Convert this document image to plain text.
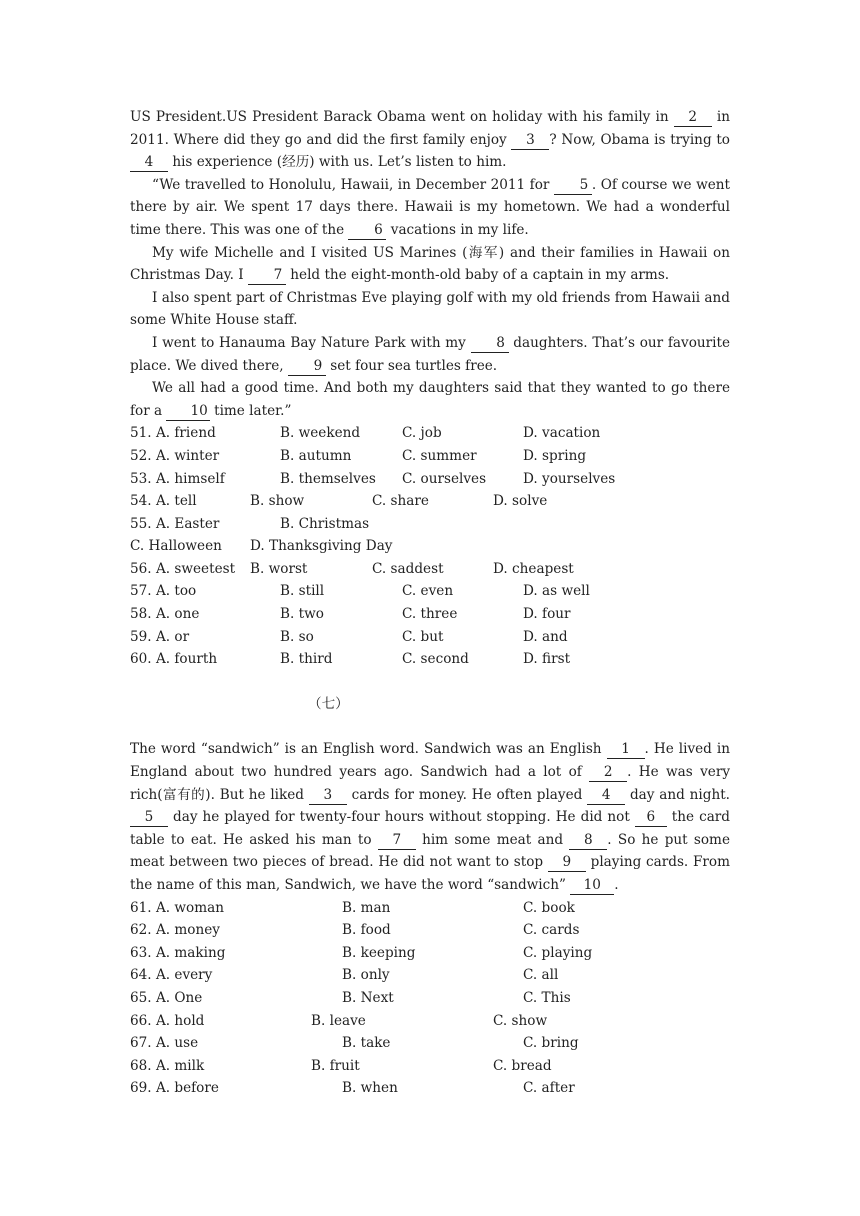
US President.US President Barack Obama went on holiday with his family in 2 in 2011. Where did they go and did the first family enjoy 3 ? Now, Obama is trying to 4 his experience (经历) with us. Let’s listen to him.

“We travelled to Honolulu, Hawaii, in December 2011 for 5 . Of course we went there by air. We spent 17 days there. Hawaii is my hometown. We had a wonderful time there. This was one of the 6 vacations in my life.

My wife Michelle and I visited US Marines (海军) and their families in Hawaii on Christmas Day. I 7 held the eight-month-old baby of a captain in my arms.

I also spent part of Christmas Eve playing golf with my old friends from Hawaii and some White House staff.

I went to Hanauma Bay Nature Park with my 8 daughters. That’s our favourite place. We dived there, 9 set four sea turtles free.

We all had a good time. And both my daughters said that they wanted to go there for a 10 time later.”

51. A. friend	B. weekend	C. job	D. vacation
52. A. winter	B. autumn	C. summer	D. spring
53. A. himself	B. themselves C. ourselves	D. yourselves
54. A. tell	B. show	C. share	D. solve
55. A. Easter	B. Christmas
C. Halloween D. Thanksgiving Day
56. A. sweetest B. worst	C. saddest	D. cheapest
57. A. too	B. still	C. even	D. as well
58. A. one	B. two	C. three	D. four
59. A. or	B. so	C. but	D. and
60. A. fourth	B. third	C. second	D. first
（七）

The word “sandwich” is an English word. Sandwich was an English 1 . He lived in England about two hundred years ago. Sandwich had a lot of 2 . He was very rich(富有的). But he liked 3 cards for money. He often played 4 day and night. 5 day he played for twenty-four hours without stopping. He did not 6 the card table to eat. He asked his man to 7 him some meat and 8 . So he put some meat between two pieces of bread. He did not want to stop 9 playing cards. From the name of this man, Sandwich, we have the word “sandwich” 10 .

61. A. woman	B. man	C. book
62. A. money	B. food	C. cards
63. A. making	B. keeping	C. playing
64. A. every	B. only	C. all
65. A. One	B. Next	C. This
66. A. hold	B. leave	C. show
67. A. use	B. take	C. bring
68. A. milk	B. fruit	C. bread
69. A. before	B. when	C. after
